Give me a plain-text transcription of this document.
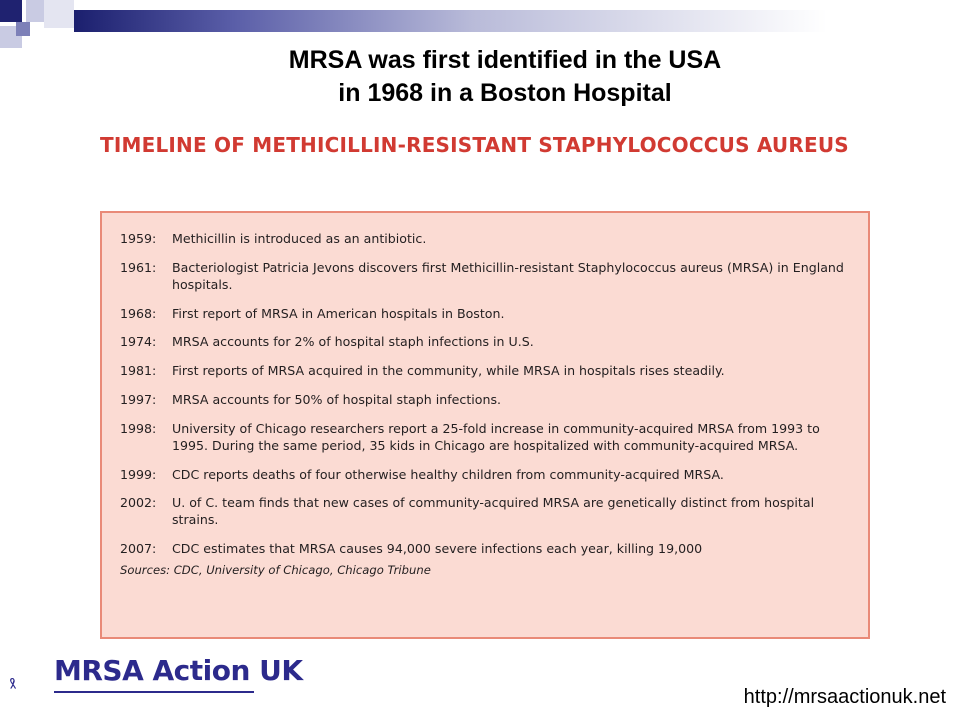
MRSA was first identified in the USA
in 1968 in a Boston Hospital
TIMELINE OF METHICILLIN-RESISTANT STAPHYLOCOCCUS AUREUS
1959:	Methicillin is introduced as an antibiotic.
1961:	Bacteriologist Patricia Jevons discovers first Methicillin-resistant Staphylococcus aureus (MRSA) in England hospitals.
1968:	First report of MRSA in American hospitals in Boston.
1974:	MRSA accounts for 2% of hospital staph infections in U.S.
1981:	First reports of MRSA acquired in the community, while MRSA in hospitals rises steadily.
1997:	MRSA accounts for 50% of hospital staph infections.
1998:	University of Chicago researchers report a 25-fold increase in community-acquired MRSA from 1993 to 1995. During the same period, 35 kids in Chicago are hospitalized with community-acquired MRSA.
1999:	CDC reports deaths of four otherwise healthy children from community-acquired MRSA.
2002:	U. of C. team finds that new cases of community-acquired MRSA are genetically distinct from hospital strains.
2007:	CDC estimates that MRSA causes 94,000 severe infections each year, killing 19,000
Sources: CDC, University of Chicago, Chicago Tribune
MRSA Action UK
http://mrsaactionuk.net
